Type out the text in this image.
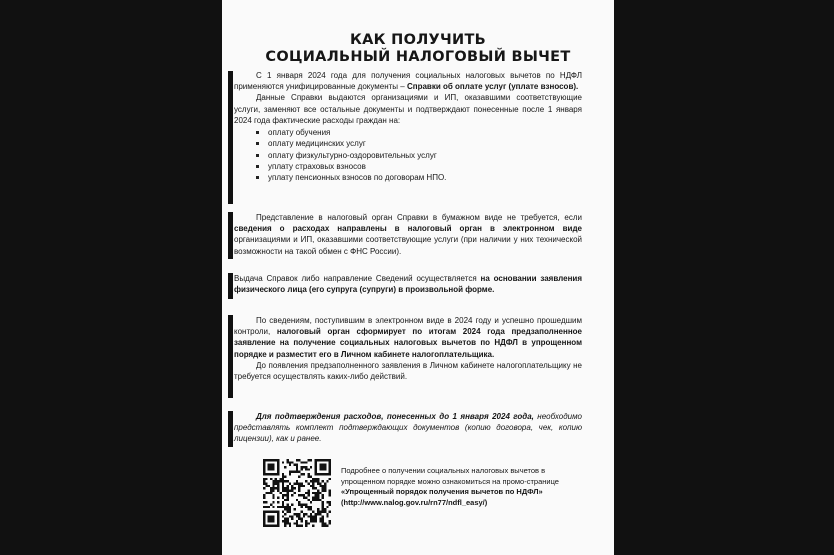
КАК ПОЛУЧИТЬ
СОЦИАЛЬНЫЙ НАЛОГОВЫЙ ВЫЧЕТ

С 1 января 2024 года для получения социальных налоговых вычетов по НДФЛ применяются унифицированные документы – Справки об оплате услуг (уплате взносов).

Данные Справки выдаются организациями и ИП, оказавшими соответствующие услуги, заменяют все остальные документы и подтверждают понесенные после 1 января 2024 года фактические расходы граждан на:

оплату обучения
оплату медицинских услуг
оплату физкультурно-оздоровительных услуг
уплату страховых взносов
уплату пенсионных взносов по договорам НПО.

Представление в налоговый орган Справки в бумажном виде не требуется, если сведения о расходах направлены в налоговый орган в электронном виде организациями и ИП, оказавшими соответствующие услуги (при наличии у них технической возможности на такой обмен с ФНС России).

Выдача Справок либо направление Сведений осуществляется на основании заявления физического лица (его супруга (супруги) в произвольной форме.

По сведениям, поступившим в электронном виде в 2024 году и успешно прошедшим контроли, налоговый орган сформирует по итогам 2024 года предзаполненное заявление на получение социальных налоговых вычетов по НДФЛ в упрощенном порядке и разместит его в Личном кабинете налогоплательщика.

До появления предзаполненного заявления в Личном кабинете налогоплательщику не требуется осуществлять каких-либо действий.

Для подтверждения расходов, понесенных до 1 января 2024 года, необходимо представлять комплект подтверждающих документов (копию договора, чек, копию лицензии), как и ранее.

Подробнее о получении социальных налоговых вычетов в упрощенном порядке можно ознакомиться на промо-странице «Упрощенный порядок получения вычетов по НДФЛ» (http://www.nalog.gov.ru/rn77/ndfl_easy/)
